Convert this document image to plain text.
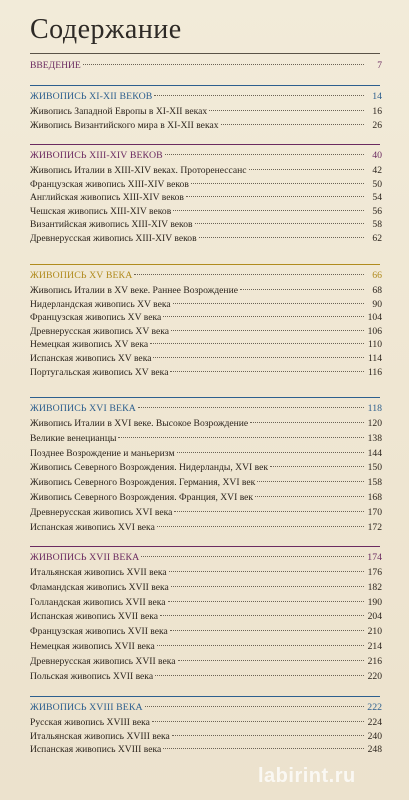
Содержание
ВВЕДЕНИЕ	7
ЖИВОПИСЬ XI-XII ВЕКОВ	14
Живопись Западной Европы в XI-XII веках	16
Живопись Византийского мира в XI-XII веках	26
ЖИВОПИСЬ XIII-XIV ВЕКОВ	40
Живопись Италии в XIII-XIV веках. Проторенессанс	42
Французская живопись XIII-XIV веков	50
Английская живопись XIII-XIV веков	54
Чешская живопись XIII-XIV веков	56
Византийская живопись XIII-XIV веков	58
Древнерусская живопись XIII-XIV веков	62
ЖИВОПИСЬ XV ВЕКА	66
Живопись Италии в XV веке. Раннее Возрождение	68
Нидерландская живопись XV века	90
Французская живопись XV века	104
Древнерусская живопись XV века	106
Немецкая живопись XV века	110
Испанская живопись XV века	114
Португальская живопись XV века	116
ЖИВОПИСЬ XVI ВЕКА	118
Живопись Италии в XVI веке. Высокое Возрождение	120
Великие венецианцы	138
Позднее Возрождение и маньеризм	144
Живопись Северного Возрождения. Нидерланды, XVI век	150
Живопись Северного Возрождения. Германия, XVI век	158
Живопись Северного Возрождения. Франция, XVI век	168
Древнерусская живопись XVI века	170
Испанская живопись XVI века	172
ЖИВОПИСЬ XVII ВЕКА	174
Итальянская живопись XVII века	176
Фламандская живопись XVII века	182
Голландская живопись XVII века	190
Испанская живопись XVII века	204
Французская живопись XVII века	210
Немецкая живопись XVII века	214
Древнерусская живопись XVII века	216
Польская живопись XVII века	220
ЖИВОПИСЬ XVIII ВЕКА	222
Русская живопись XVIII века	224
Итальянская живопись XVIII века	240
Испанская живопись XVIII века	248
labirint.ru
